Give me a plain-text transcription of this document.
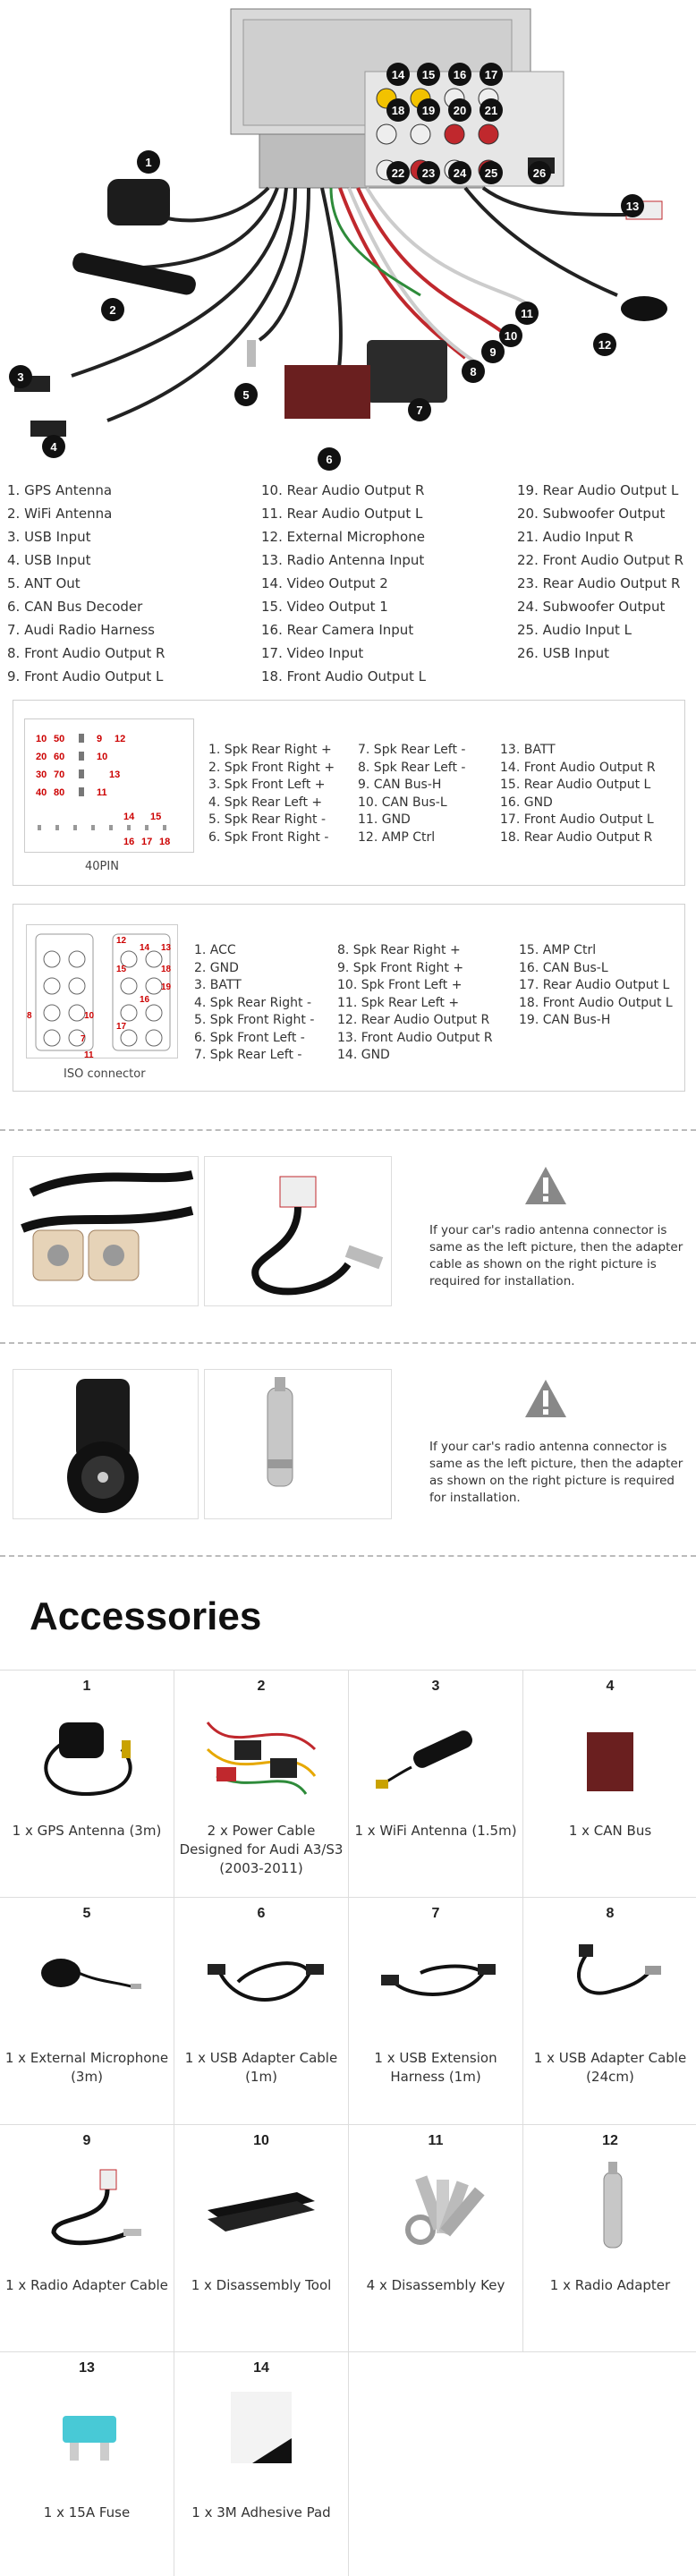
1
2
3
4
5
6
7
8
9
10
11
12
13
14	15	16	17
18	19	20	21
22	23	24	25	26
1. GPS Antenna
2. WiFi Antenna
3. USB Input
4. USB Input
5. ANT Out
6. CAN Bus Decoder
7. Audi Radio Harness
8. Front Audio Output R
9. Front Audio Output L
10. Rear Audio Output R
11. Rear Audio Output L
12. External Microphone
13. Radio Antenna Input
14. Video Output 2
15. Video Output 1
16. Rear Camera Input
17. Video Input
18. Front Audio Output L
19. Rear Audio Output L
20. Subwoofer Output
21. Audio Input R
22. Front Audio Output R
23. Rear Audio Output R
24. Subwoofer Output
25. Audio Input L
26. USB Input
10 50	9 12
20 60	10
30 70	13
40 80	11
14 15
16 17 18
40PIN
1. Spk Rear Right +
2. Spk Front Right +
3. Spk Front Left +
4. Spk Rear Left +
5. Spk Rear Right -
6. Spk Front Right -
7. Spk Rear Left -
8. Spk Rear Left -
9. CAN Bus-H
10. CAN Bus-L
11. GND
12. AMP Ctrl
13. BATT
14. Front Audio Output R
15. Rear Audio Output L
16. GND
17. Front Audio Output L
18. Rear Audio Output R
12
14 13
15
16
17
19
18
8
11
10
7
ISO connector
1. ACC
2. GND
3. BATT
4. Spk Rear Right -
5. Spk Front Right -
6. Spk Front Left -
7. Spk Rear Left -
8. Spk Rear Right +
9. Spk Front Right +
10. Spk Front Left +
11. Spk Rear Left +
12. Rear Audio Output R
13. Front Audio Output R
14. GND
15. AMP Ctrl
16. CAN Bus-L
17. Rear Audio Output L
18. Front Audio Output L
19. CAN Bus-H
If your car's radio antenna connector is same as the left picture, then the adapter cable as shown on the right picture is required for installation.
If your car's radio antenna connector is same as the left picture, then the adapter as shown on the right picture is required for installation.
Accessories
1
1 x GPS Antenna (3m)
2
2 x Power Cable Designed for Audi A3/S3 (2003-2011)
3
1 x WiFi Antenna (1.5m)
4
1 x CAN Bus
5
1 x External Microphone (3m)
6
1 x USB Adapter Cable (1m)
7
1 x USB Extension Harness (1m)
8
1 x USB Adapter Cable (24cm)
9
1 x Radio Adapter Cable
10
1 x Disassembly Tool
11
4 x Disassembly Key
12
1 x Radio Adapter
13
1 x 15A Fuse
14
1 x 3M Adhesive Pad
